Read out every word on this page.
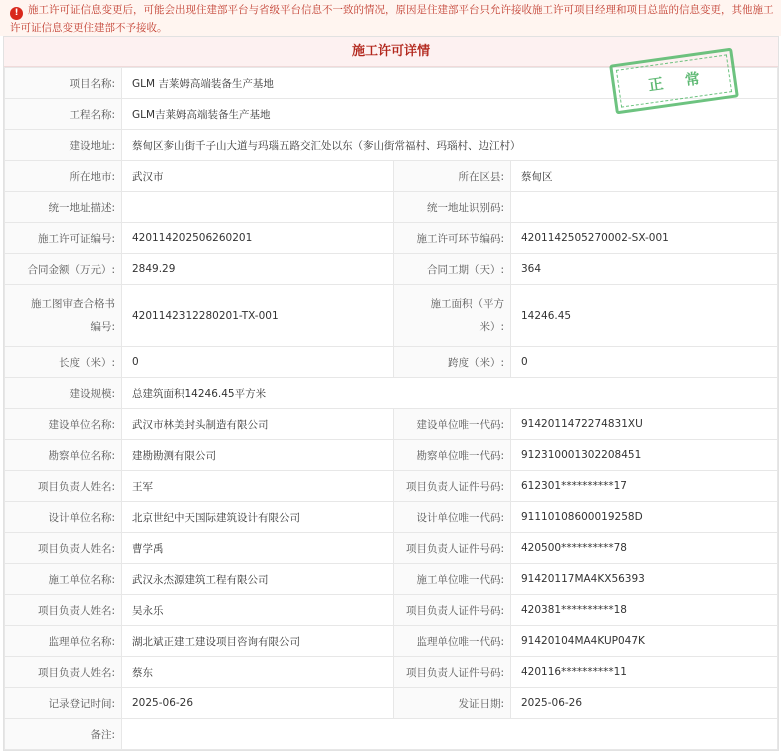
! 施工许可证信息变更后，可能会出现住建部平台与省级平台信息不一致的情况，原因是住建部平台只允许接收施工许可项目经理和项目总监的信息变更，其他施工许可证信息变更住建部不予接收。
施工许可详情
项目名称:	GLM 吉莱姆高端装备生产基地		
工程名称:	GLM吉莱姆高端装备生产基地		
建设地址:	蔡甸区奓山街千子山大道与玛瑙五路交汇处以东（奓山街常福村、玛瑙村、边江村）		
所在地市:	武汉市	所在区县:	蔡甸区
统一地址描述:		统一地址识别码:	
施工许可证编号:	4201142025062602​01	施工许可环节编码:	4201142505270002-SX-001
合同金额（万元）:	2849.29	合同工期（天）:	364
施工图审查合格书编号:	4201142312280201-TX-001	施工面积（平方米）:	14246.45
长度（米）:	0	跨度（米）:	0
建设规模:	总建筑面积14246.45平方米		
建设单位名称:	武汉市林美封头制造有限公司	建设单位唯一代码:	9142011472274831XU
勘察单位名称:	建勘勘测有限公司	勘察单位唯一代码:	912310001302208451
项目负责人姓名:	王军	项目负责人证件号码:	612301**********17
设计单位名称:	北京世纪中天国际建筑设计有限公司	设计单位唯一代码:	91110108600019258D
项目负责人姓名:	曹学禹	项目负责人证件号码:	420500**********78
施工单位名称:	武汉永杰源建筑工程有限公司	施工单位唯一代码:	91420117MA4KX56393
项目负责人姓名:	吴永乐	项目负责人证件号码:	420381**********18
监理单位名称:	湖北斌正建工建设项目咨询有限公司	监理单位唯一代码:	91420104MA4KUP047K
项目负责人姓名:	蔡东	项目负责人证件号码:	420116**********11
记录登记时间:	2025-06-26	发证日期:	2025-06-26
备注:			
正常
